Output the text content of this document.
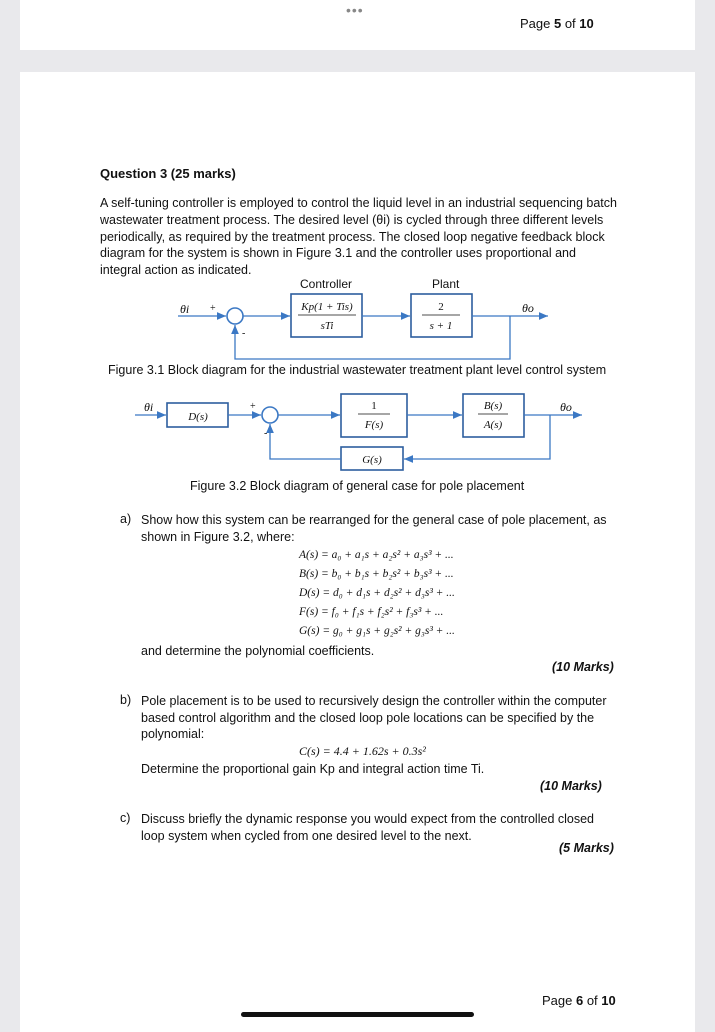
•••
Page 5 of 10
Question 3 (25 marks)
A self-tuning controller is employed to control the liquid level in an industrial sequencing batch wastewater treatment process. The desired level (θi) is cycled through three different levels periodically, as required by the treatment process. The closed loop negative feedback block diagram for the system is shown in Figure 3.1 and the controller uses proportional and integral action as indicated.
Controller	Plant
θi +
-
Kp(1 + Tis)
sTi
2
s + 1
θo
Figure 3.1 Block diagram for the industrial wastewater treatment plant level control system
θi
D(s)
+
-
1
F(s)
B(s)
A(s)
θo
G(s)
Figure 3.2 Block diagram of general case for pole placement
a) Show how this system can be rearranged for the general case of pole placement, as shown in Figure 3.2, where:
A(s) = a₀ + a₁s + a₂s² + a₃s³ + ...
B(s) = b₀ + b₁s + b₂s² + b₃s³ + ...
D(s) = d₀ + d₁s + d₂s² + d₃s³ + ...
F(s) = f₀ + f₁s + f₂s² + f₃s³ + ...
G(s) = g₀ + g₁s + g₂s² + g₃s³ + ...
and determine the polynomial coefficients.
(10 Marks)
b) Pole placement is to be used to recursively design the controller within the computer based control algorithm and the closed loop pole locations can be specified by the polynomial:
C(s) = 4.4 + 1.62s + 0.3s²
Determine the proportional gain Kp and integral action time Ti.
(10 Marks)
c) Discuss briefly the dynamic response you would expect from the controlled closed loop system when cycled from one desired level to the next.
(5 Marks)
Page 6 of 10
